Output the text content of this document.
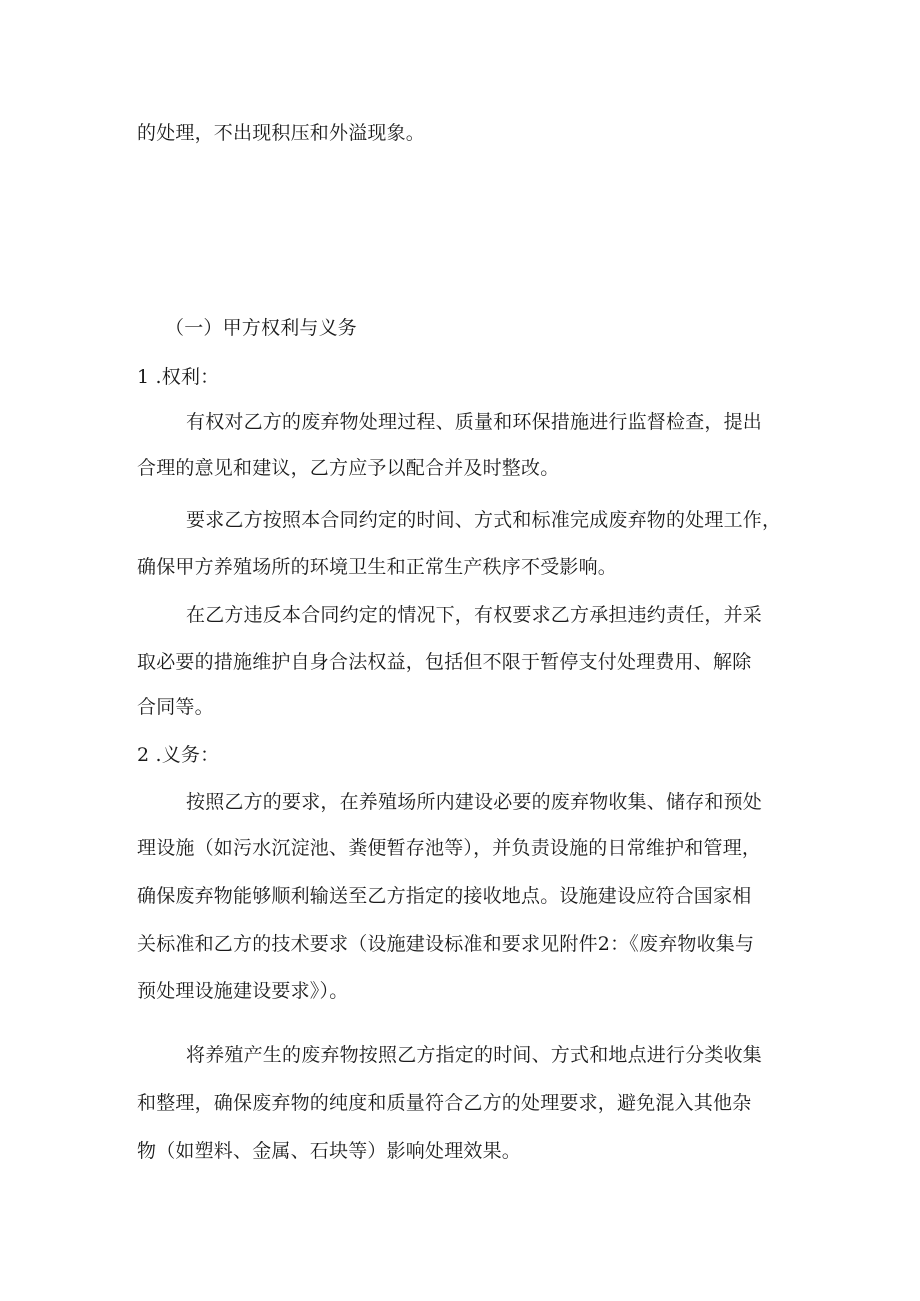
的处理，不出现积压和外溢现象。
（一）甲方权利与义务
1 .权利：
有权对乙方的废弃物处理过程、质量和环保措施进行监督检查，提出
合理的意见和建议，乙方应予以配合并及时整改。
要求乙方按照本合同约定的时间、方式和标准完成废弃物的处理工作，
确保甲方养殖场所的环境卫生和正常生产秩序不受影响。
在乙方违反本合同约定的情况下，有权要求乙方承担违约责任，并采
取必要的措施维护自身合法权益，包括但不限于暂停支付处理费用、解除
合同等。
2 .义务：
按照乙方的要求，在养殖场所内建设必要的废弃物收集、储存和预处
理设施（如污水沉淀池、粪便暂存池等），并负责设施的日常维护和管理，
确保废弃物能够顺利输送至乙方指定的接收地点。设施建设应符合国家相
关标准和乙方的技术要求（设施建设标准和要求见附件2：《废弃物收集与
预处理设施建设要求》）。
将养殖产生的废弃物按照乙方指定的时间、方式和地点进行分类收集
和整理，确保废弃物的纯度和质量符合乙方的处理要求，避免混入其他杂
物（如塑料、金属、石块等）影响处理效果。
